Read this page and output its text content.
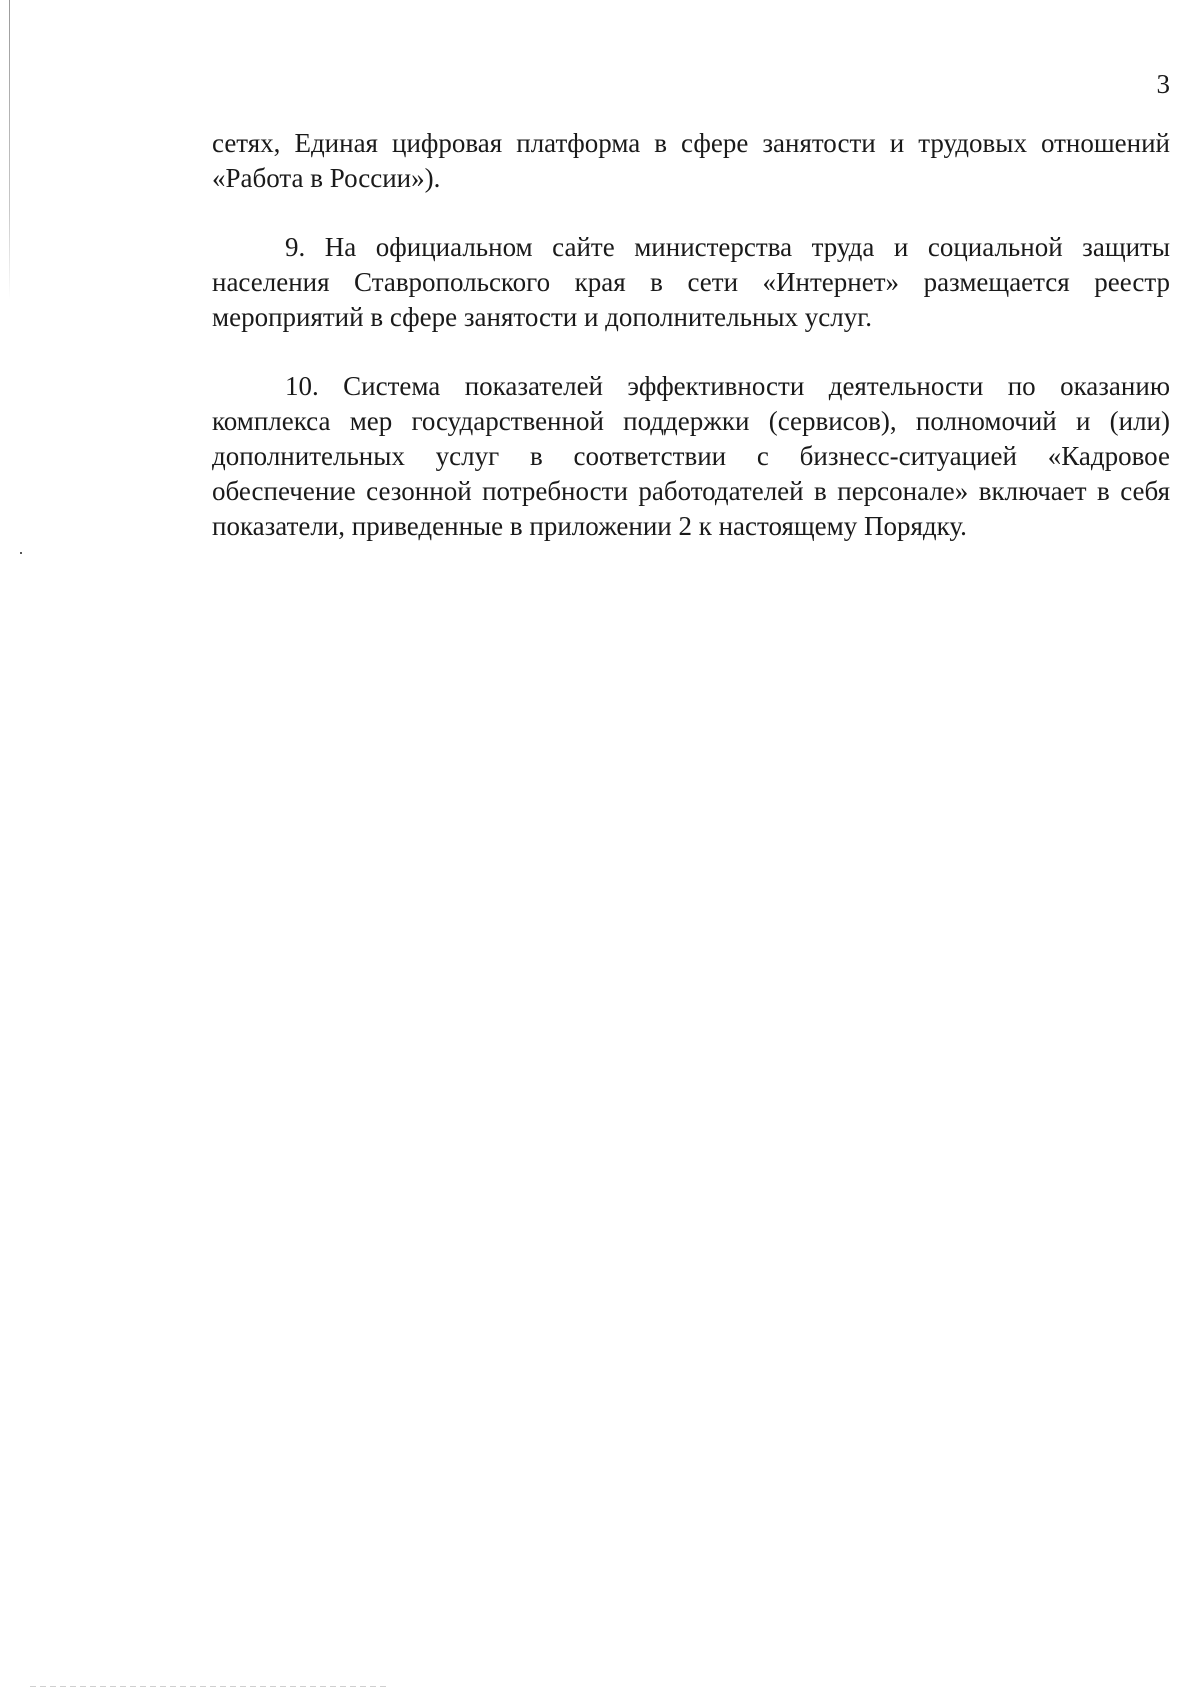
3

сетях, Единая цифровая платформа в сфере занятости и трудовых отношений «Работа в России»).

9. На официальном сайте министерства труда и социальной защиты населения Ставропольского края в сети «Интернет» размещается реестр мероприятий в сфере занятости и дополнительных услуг.

10. Система показателей эффективности деятельности по оказанию комплекса мер государственной поддержки (сервисов), полномочий и (или) дополнительных услуг в соответствии с бизнесс-ситуацией «Кадровое обеспечение сезонной потребности работодателей в персонале» включает в себя показатели, приведенные в приложении 2 к настоящему Порядку.
